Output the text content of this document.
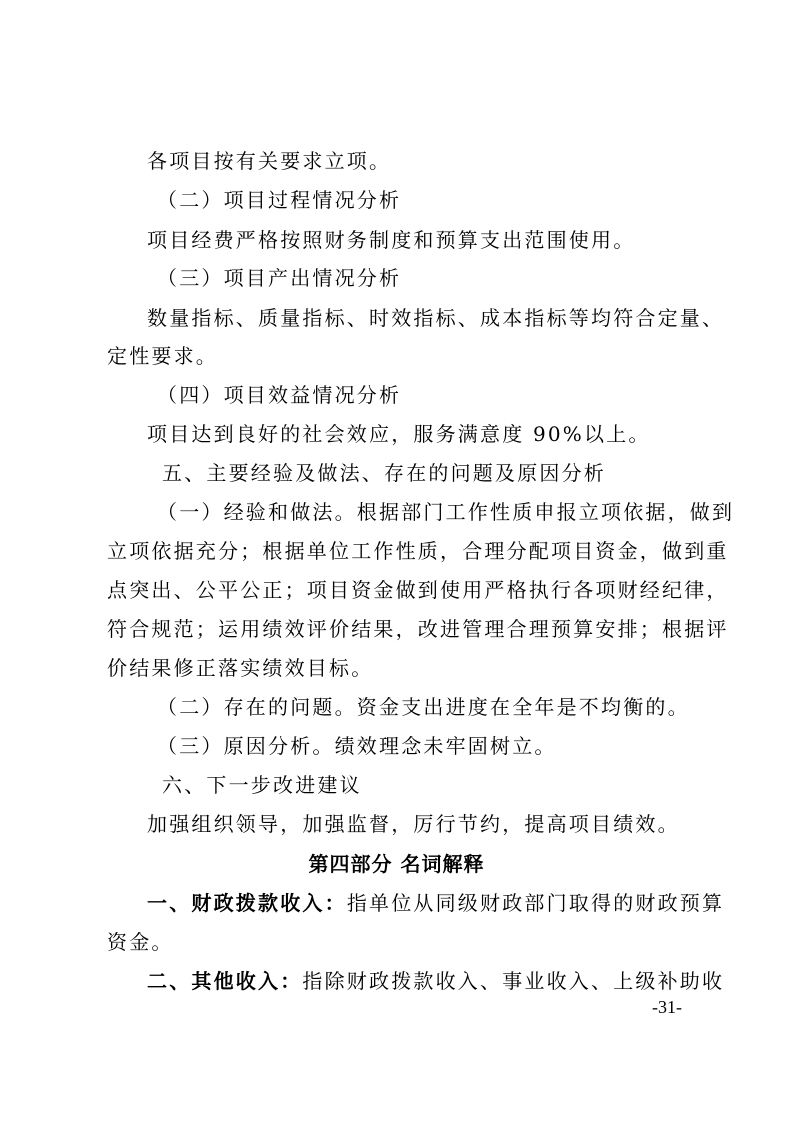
各项目按有关要求立项。
（二）项目过程情况分析
项目经费严格按照财务制度和预算支出范围使用。
（三）项目产出情况分析
数量指标、质量指标、时效指标、成本指标等均符合定量、
定性要求。
（四）项目效益情况分析
项目达到良好的社会效应，服务满意度 90%以上。
五、主要经验及做法、存在的问题及原因分析
（一）经验和做法。根据部门工作性质申报立项依据，做到
立项依据充分；根据单位工作性质，合理分配项目资金，做到重
点突出、公平公正；项目资金做到使用严格执行各项财经纪律，
符合规范；运用绩效评价结果，改进管理合理预算安排；根据评
价结果修正落实绩效目标。
（二）存在的问题。资金支出进度在全年是不均衡的。
（三）原因分析。绩效理念未牢固树立。
六、下一步改进建议
加强组织领导，加强监督，厉行节约，提高项目绩效。
第四部分 名词解释
一、财政拨款收入：指单位从同级财政部门取得的财政预算
资金。
二、其他收入：指除财政拨款收入、事业收入、上级补助收
-31-
